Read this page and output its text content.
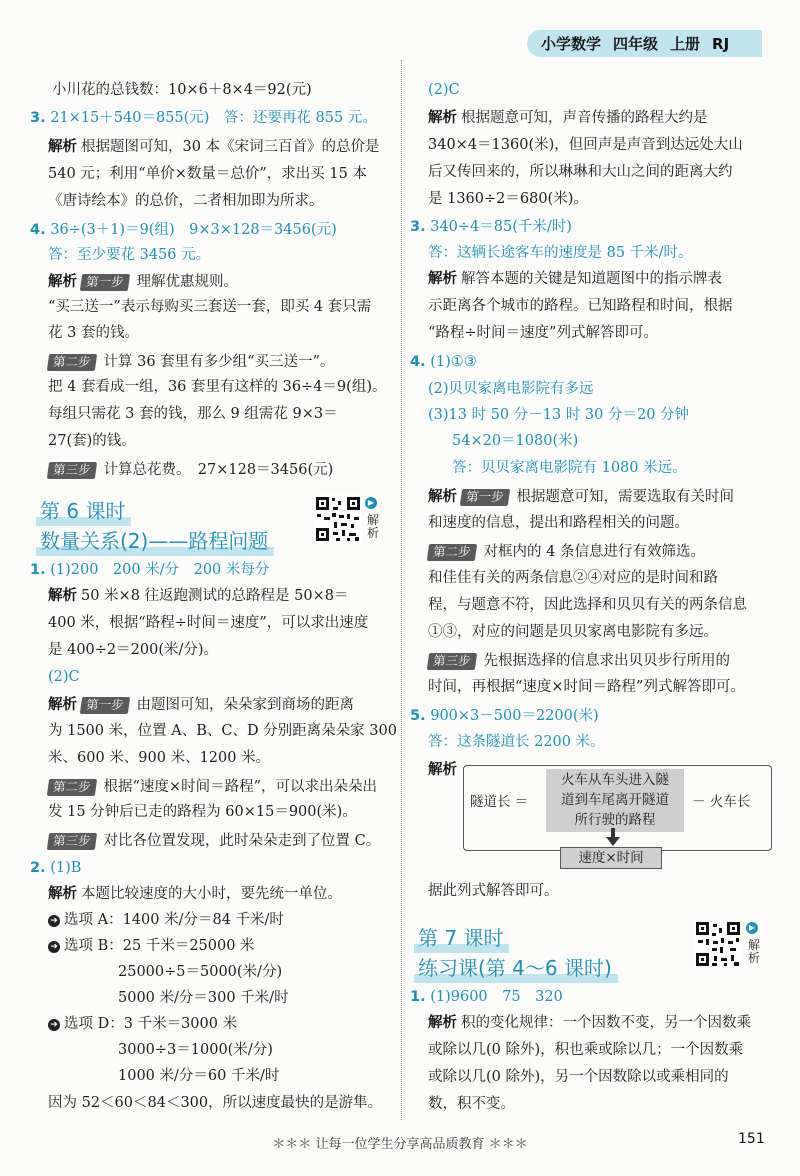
小学数学 四年级 上册 RJ
小川花的总钱数：10×6＋8×4＝92(元)
3. 21×15＋540＝855(元)　答：还要再花 855 元。
解析 根据题图可知，30 本《宋词三百首》的总价是
540 元；利用“单价×数量＝总价”，求出买 15 本
《唐诗绘本》的总价，二者相加即为所求。
4. 36÷(3＋1)＝9(组)　9×3×128＝3456(元)
答：至少要花 3456 元。
解析 第一步 理解优惠规则。
“买三送一”表示每购买三套送一套，即买 4 套只需
花 3 套的钱。
第二步 计算 36 套里有多少组“买三送一”。
把 4 套看成一组，36 套里有这样的 36÷4＝9(组)。
每组只需花 3 套的钱，那么 9 组需花 9×3＝
27(套)的钱。
第三步 计算总花费。　27×128＝3456(元)
第 6 课时
数量关系(2)——路程问题
▶
解析
1. (1)200　200 米/分　200 米每分
解析 50 米×8 往返跑测试的总路程是 50×8＝
400 米，根据“路程÷时间＝速度”，可以求出速度
是 400÷2＝200(米/分)。
(2)C
解析 第一步 由题图可知，朵朵家到商场的距离
为 1500 米，位置 A、B、C、D 分别距离朵朵家 300
米、600 米、900 米、1200 米。
第二步 根据“速度×时间＝路程”，可以求出朵朵出
发 15 分钟后已走的路程为 60×15＝900(米)。
第三步 对比各位置发现，此时朵朵走到了位置 C。
2. (1)B
解析 本题比较速度的大小时，要先统一单位。
➜ 选项 A：1400 米/分＝84 千米/时
➜ 选项 B：25 千米＝25000 米
25000÷5＝5000(米/分)
5000 米/分＝300 千米/时
➜ 选项 D：3 千米＝3000 米
3000÷3＝1000(米/分)
1000 米/分＝60 千米/时
因为 52＜60＜84＜300，所以速度最快的是游隼。
(2)C
解析 根据题意可知，声音传播的路程大约是
340×4＝1360(米)，但回声是声音到达远处大山
后又传回来的，所以琳琳和大山之间的距离大约
是 1360÷2＝680(米)。
3. 340÷4＝85(千米/时)
答：这辆长途客车的速度是 85 千米/时。
解析 解答本题的关键是知道题图中的指示牌表
示距离各个城市的路程。已知路程和时间，根据
“路程÷时间＝速度”列式解答即可。
4. (1)①③
(2)贝贝家离电影院有多远
(3)13 时 50 分－13 时 30 分＝20 分钟
54×20＝1080(米)
答：贝贝家离电影院有 1080 米远。
解析 第一步 根据题意可知，需要选取有关时间
和速度的信息，提出和路程相关的问题。
第二步 对框内的 4 条信息进行有效筛选。
和佳佳有关的两条信息②④对应的是时间和路
程，与题意不符，因此选择和贝贝有关的两条信息
①③，对应的问题是贝贝家离电影院有多远。
第三步 先根据选择的信息求出贝贝步行所用的
时间，再根据“速度×时间＝路程”列式解答即可。
5. 900×3－500＝2200(米)
答：这条隧道长 2200 米。
解析
隧道长 ＝
火车从车头进入隧
道到车尾离开隧道
所行驶的路程
－ 火车长
速度×时间
据此列式解答即可。
第 7 课时
练习课(第 4～6 课时)
▶
解析
1. (1)9600　75　320
解析 积的变化规律：一个因数不变，另一个因数乘
或除以几(0 除外)，积也乘或除以几；一个因数乘
或除以几(0 除外)，另一个因数除以或乘相同的
数，积不变。
＊＊＊ 让每一位学生分享高品质教育 ＊＊＊	151
